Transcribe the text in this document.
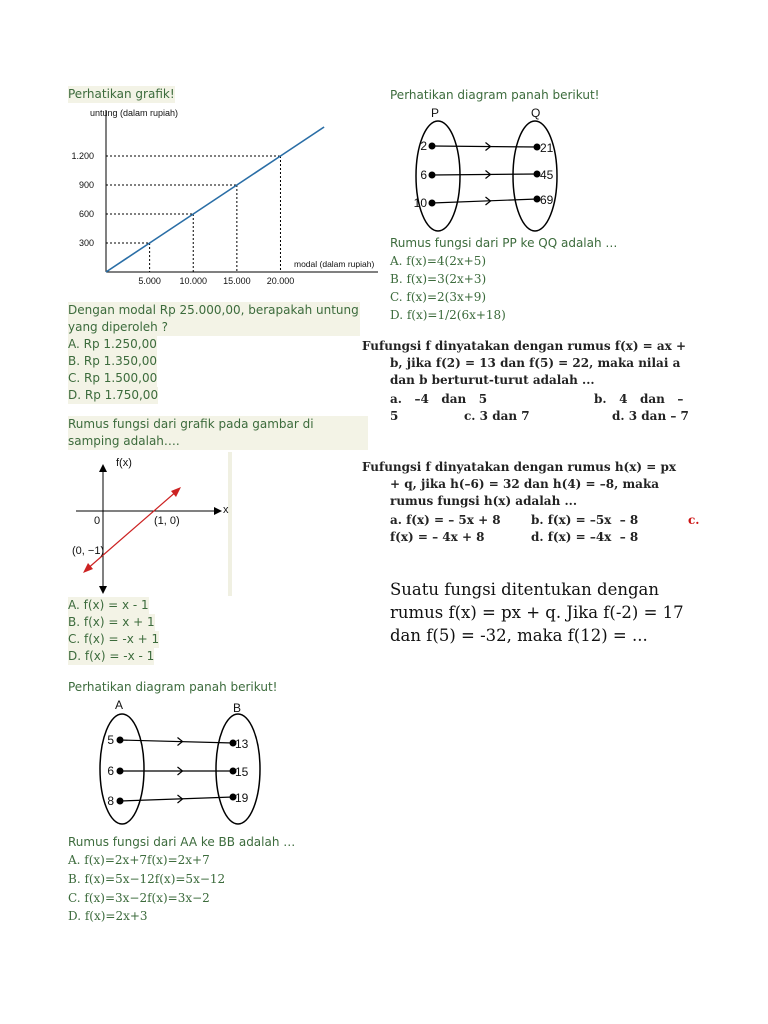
Perhatikan grafik!
untung (dalam rupiah)
modal (dalam rupiah)
300
600
900
1.200
5.000 10.000 15.000 20.000
Dengan modal Rp 25.000,00, berapakah untung yang diperoleh ?
A. Rp 1.250,00
B. Rp 1.350,00
C. Rp 1.500,00
D. Rp 1.750,00
Rumus fungsi dari grafik pada gambar di samping adalah….
f(x)
x
0	(1, 0)
(0, −1)
A. f(x) = x - 1
B. f(x) = x + 1
C. f(x) = -x + 1
D. f(x) = -x - 1
Perhatikan diagram panah berikut!
A	B
5	13
6	15
8	19
Rumus fungsi dari AA ke BB adalah …
A. f(x)=2x+7f(x)=2x+7
B. f(x)=5x−12f(x)=5x−12
C. f(x)=3x−2f(x)=3x−2
D. f(x)=2x+3
Perhatikan diagram panah berikut!
P	Q
2	21
6	45
10	69
Rumus fungsi dari PP ke QQ adalah …
A. f(x)=4(2x+5)
B. f(x)=3(2x+3)
C. f(x)=2(3x+9)
D. f(x)=1/2(6x+18)
Fufungsi f dinyatakan dengan rumus f(x) = ax +
b, jika f(2) = 13 dan f(5) = 22, maka nilai a
dan b berturut-turut adalah ...
a.   –4   dan   5	b.   4   dan   –
5	c. 3 dan 7	d. 3 dan – 7
Fufungsi f dinyatakan dengan rumus h(x) = px
+ q, jika h(–6) = 32 dan h(4) = –8, maka
rumus fungsi h(x) adalah ...
a. f(x) = – 5x + 8	b. f(x) = –5x  – 8	c.
f(x) = – 4x + 8	d. f(x) = –4x  – 8
Suatu fungsi ditentukan dengan
rumus f(x) = px + q. Jika f(-2) = 17
dan f(5) = -32, maka f(12) = ...
